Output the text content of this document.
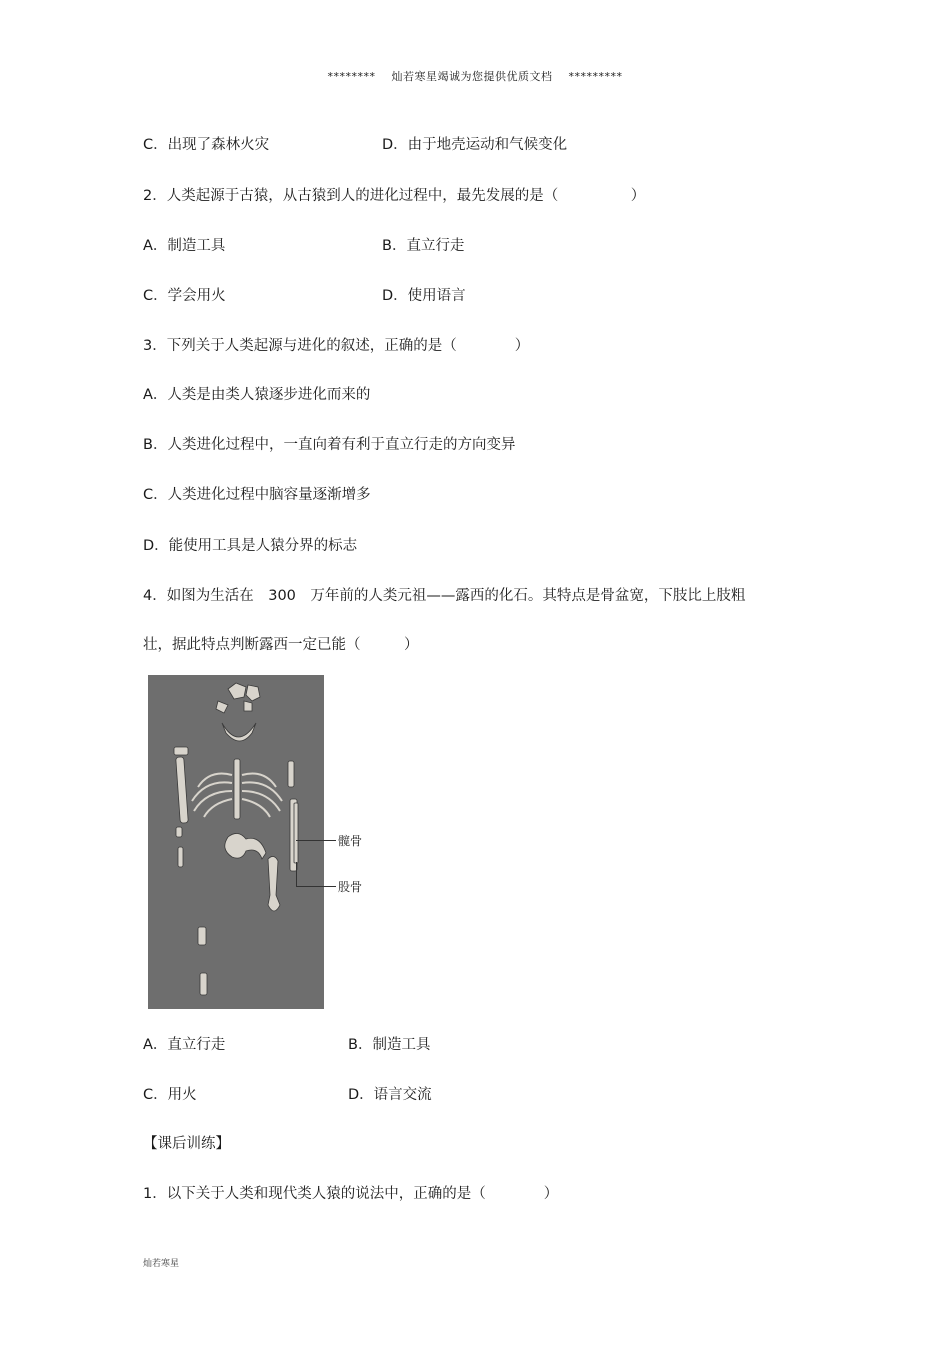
******** 灿若寒星竭诚为您提供优质文档 *********
C．出现了森林火灾	D．由于地壳运动和气候变化
2．人类起源于古猿，从古猿到人的进化过程中，最先发展的是（　　　　　）
A．制造工具	B．直立行走
C．学会用火	D．使用语言
3．下列关于人类起源与进化的叙述，正确的是（　　　　）
A．人类是由类人猿逐步进化而来的
B．人类进化过程中，一直向着有利于直立行走的方向变异
C．人类进化过程中脑容量逐渐增多
D．能使用工具是人猿分界的标志
4．如图为生活在　300　万年前的人类元祖——露西的化石。其特点是骨盆宽，下肢比上肢粗
壮，据此特点判断露西一定已能（　　　）
髋骨
股骨
A．直立行走	B．制造工具
C．用火	D．语言交流
【课后训练】
1．以下关于人类和现代类人猿的说法中，正确的是（　　　　）
灿若寒星
